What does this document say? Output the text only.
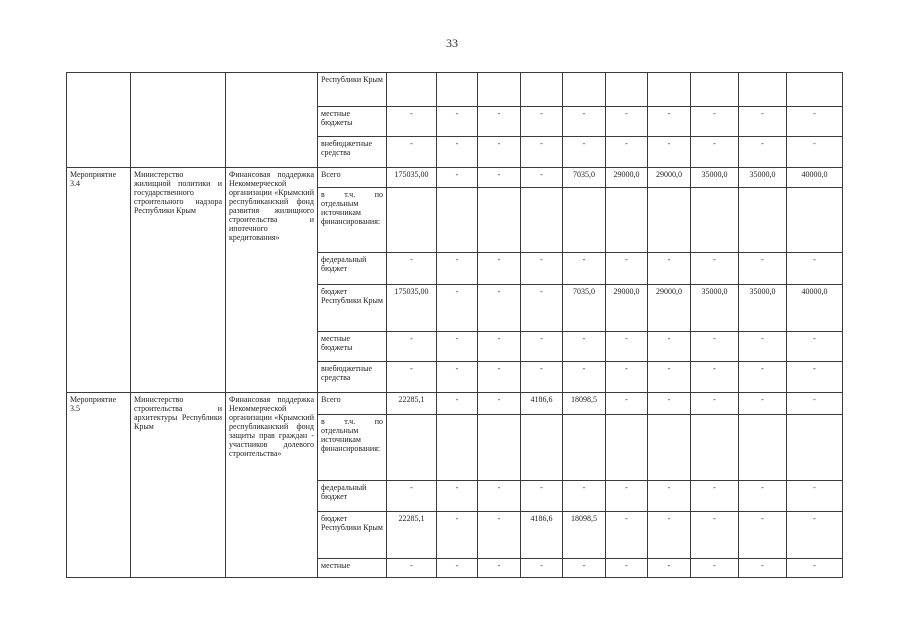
33
			Республики Крым										
			местные бюджеты	-	-	-	-	-	-	-	-	-	-
			внебюджетные средства	-	-	-	-	-	-	-	-	-	-
Мероприятие 3.4	Министерство жилищной политики и государственного строительного надзора Республики Крым	Финансовая поддержка Некоммерческой организации «Крымский республиканский фонд развития жилищного строительства и ипотечного кредитования»	Всего	175035,00	-	-	-	7035,0	29000,0	29000,0	35000,0	35000,0	40000,0
			в т.ч. по отдельным источникам финансирования:										
			федеральный бюджет	-	-	-	-	-	-	-	-	-	-
			бюджет Республики Крым	175035,00	-	-	-	7035,0	29000,0	29000,0	35000,0	35000,0	40000,0
			местные бюджеты	-	-	-	-	-	-	-	-	-	-
			внебюджетные средства	-	-	-	-	-	-	-	-	-	-
Мероприятие 3.5	Министерство строительства и архитектуры Республики Крым	Финансовая поддержка Некоммерческой организации «Крымский республиканский фонд защиты прав граждан - участников долевого строительства»	Всего	22285,1	-	-	4186,6	18098,5	-	-	-	-	-
			в т.ч. по отдельным источникам финансирования:										
			федеральный бюджет	-	-	-	-	-	-	-	-	-	-
			бюджет Республики Крым	22285,1	-	-	4186,6	18098,5	-	-	-	-	-
			местные	-	-	-	-	-	-	-	-	-	-
